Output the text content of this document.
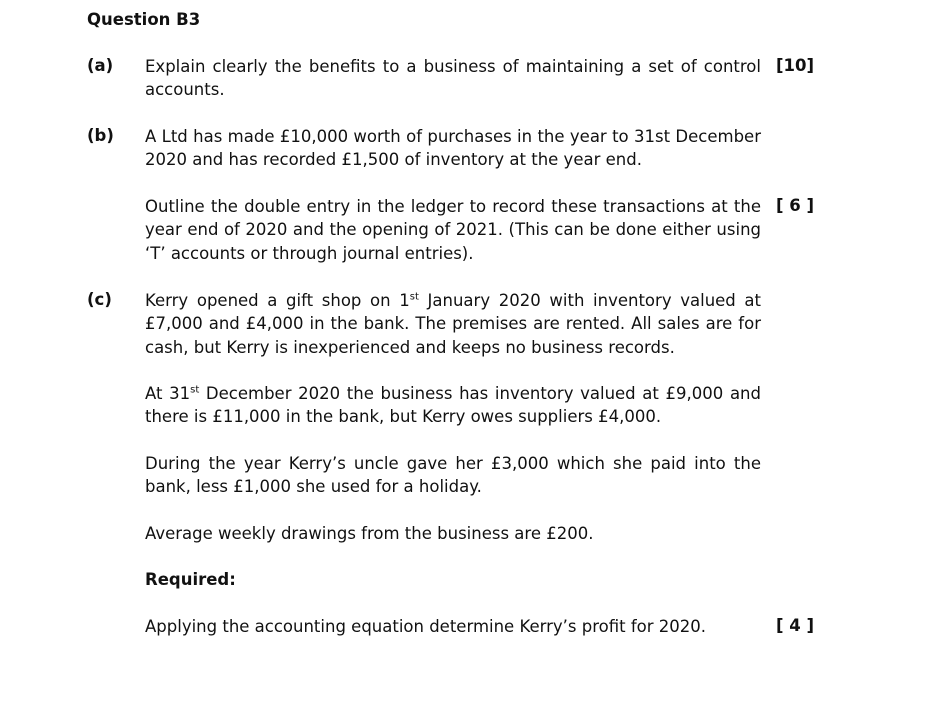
Question B3
(a) Explain clearly the benefits to a business of maintaining a set of control accounts.

[10]
(b) A Ltd has made £10,000 worth of purchases in the year to 31st December 2020 and has recorded £1,500 of inventory at the year end.

Outline the double entry in the ledger to record these transactions at the year end of 2020 and the opening of 2021. (This can be done either using ‘T’ accounts or through journal entries).

[ 6 ]
(c) Kerry opened a gift shop on 1st January 2020 with inventory valued at £7,000 and £4,000 in the bank. The premises are rented. All sales are for cash, but Kerry is inexperienced and keeps no business records.

At 31st December 2020 the business has inventory valued at £9,000 and there is £11,000 in the bank, but Kerry owes suppliers £4,000.

During the year Kerry’s uncle gave her £3,000 which she paid into the bank, less £1,000 she used for a holiday.

Average weekly drawings from the business are £200.

Required:

Applying the accounting equation determine Kerry’s profit for 2020.	[ 4 ]
